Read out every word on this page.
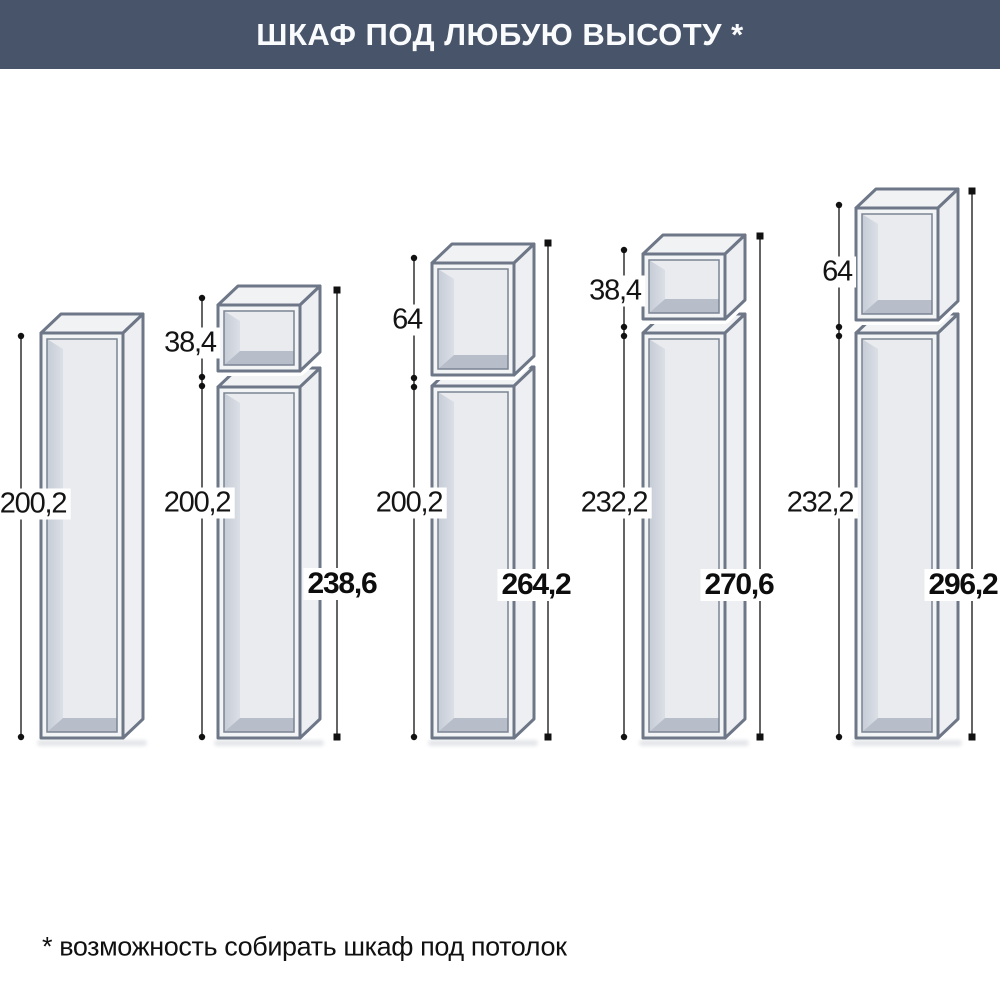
ШКАФ ПОД ЛЮБУЮ ВЫСОТУ *
200,2
38,4
200,2
238,6
64
200,2
264,2
38,4
232,2
270,6
64
232,2
296,2
* возможность собирать шкаф под потолок
